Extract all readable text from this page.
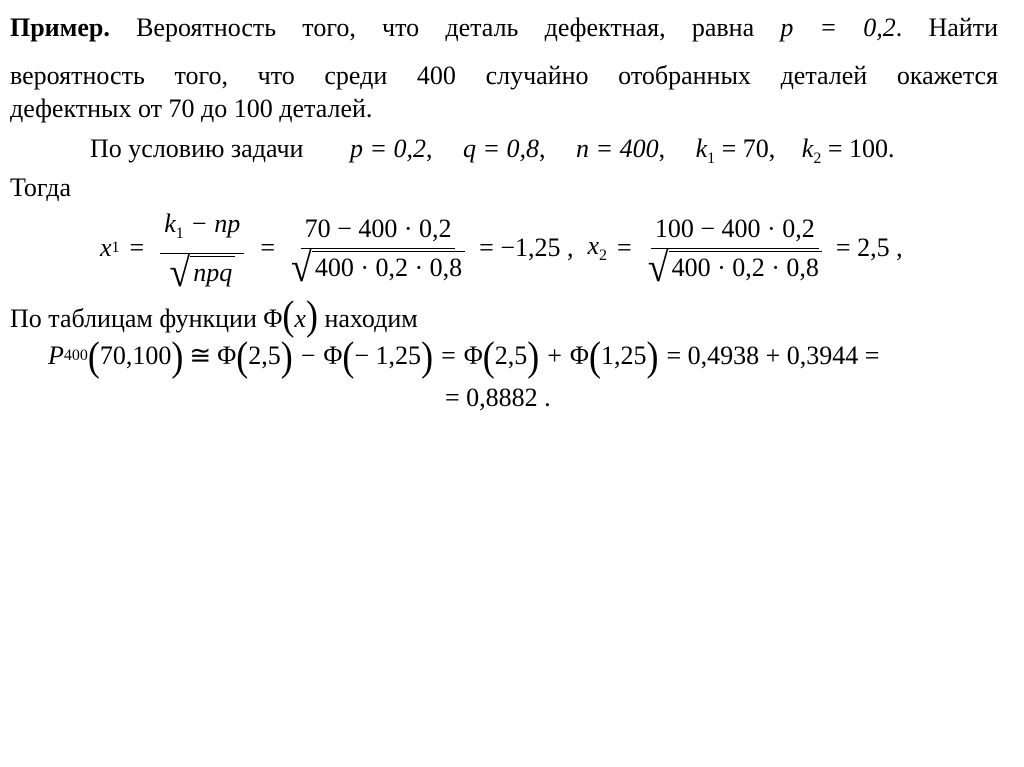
Пример. Вероятность того, что деталь дефектная, равна p = 0,2. Найти
вероятность того, что среди 400 случайно отобранных деталей окажется
дефектных от 70 до 100 деталей.
По условию задачи p = 0,2, q = 0,8, n = 400, $k_1 = 70$, $k_2 = 100$.
Тогда
x $1 = \frac{k_1 - np}{\text{√ npq}} = \frac{70 - 400 \cdot 0,2}{√ 400 \cdot 0,2 \cdot 0,8} = -1,25$ , $x_2 = \frac{100 - 400 \cdot 0,2}{√ 400 \cdot 0,2 \cdot 0,8} = 2,5$ ,
По таблицам функции Φ(x) находим
P 400 ( 70,100 ) ≅ Φ ( 2,5 ) − Φ ( − 1,25 ) = Φ ( 2,5 ) + Φ ( 1,25 ) = 0,4938 + 0,3944 =
= 0,8882 .
